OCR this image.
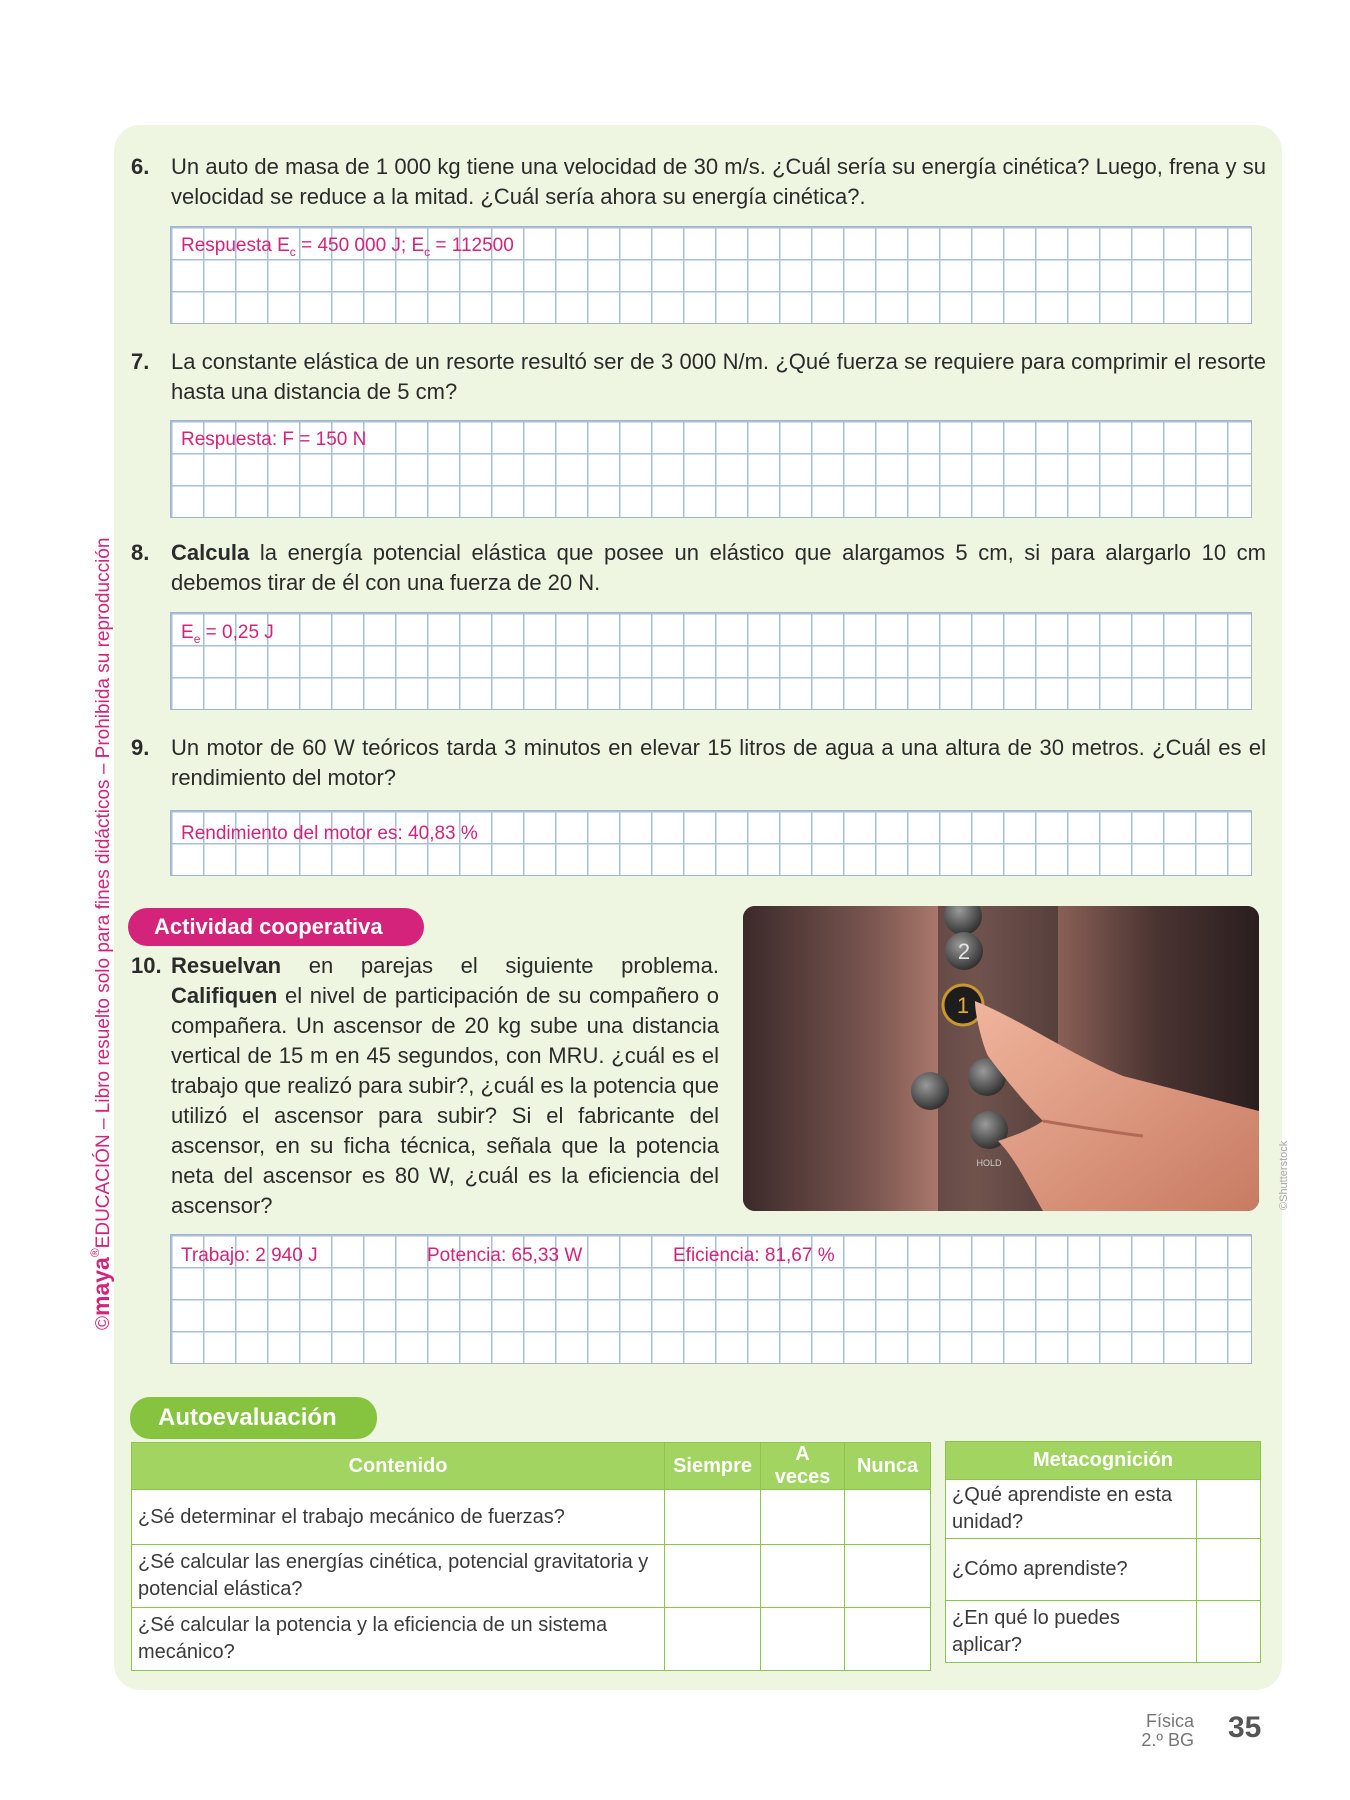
©maya®EDUCACIÓN – Libro resuelto solo para fines didácticos – Prohibida su reproducción
6. Un auto de masa de 1 000 kg tiene una velocidad de 30 m/s. ¿Cuál sería su energía cinética? Luego, frena y su velocidad se reduce a la mitad. ¿Cuál sería ahora su energía cinética?.
Respuesta $E_c = 450$ 000 J; $E_c = 112500$
7. La constante elástica de un resorte resultó ser de 3 000 N/m. ¿Qué fuerza se requiere para comprimir el resorte hasta una distancia de 5 cm?
Respuesta: F = 150 N
8. Calcula la energía potencial elástica que posee un elástico que alargamos 5 cm, si para alargarlo 10 cm debemos tirar de él con una fuerza de 20 N.
$E_e = 0,25$ J
9. Un motor de 60 W teóricos tarda 3 minutos en elevar 15 litros de agua a una altura de 30 metros. ¿Cuál es el rendimiento del motor?
Rendimiento del motor es: 40,83 %
Actividad cooperativa
10. Resuelvan en parejas el siguiente problema. Califiquen el nivel de participación de su compañero o compañera. Un ascensor de 20 kg sube una distancia vertical de 15 m en 45 segundos, con MRU. ¿cuál es el trabajo que realizó para subir?, ¿cuál es la potencia que utilizó el ascensor para subir? Si el fabricante del ascensor, en su ficha técnica, señala que la potencia neta del ascensor es 80 W, ¿cuál es la eficiencia del ascensor?
2
1
HOLD	©Shutterstock
Trabajo: 2 940 J	Potencia: 65,33 W	Eficiencia: 81,67 %
Autoevaluación
Contenido	Siempre	A veces	Nunca
¿Sé determinar el trabajo mecánico de fuerzas?			
¿Sé calcular las energías cinética, potencial gravitatoria y potencial elástica?			
¿Sé calcular la potencia y la eficiencia de un sistema mecánico?			
Metacognición	
¿Qué aprendiste en esta unidad?	
¿Cómo aprendiste?	
¿En qué lo puedes aplicar?	
Física
2.º BG 35
